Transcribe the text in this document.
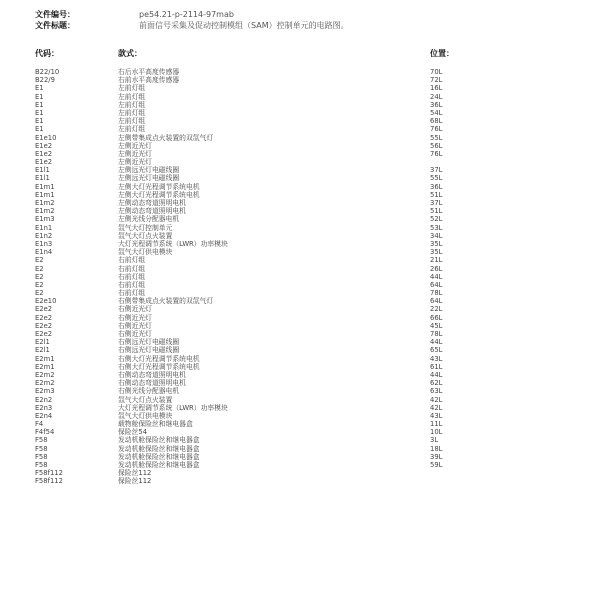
文件编号：	pe54.21-p-2114-97mab
文件标题：	前面信号采集及促动控制模组（SAM）控制单元的电路图。
代码：	款式：	位置：
B22/10	右后水平高度传感器	70L
B22/9	右前水平高度传感器	72L
E1	左前灯组	16L
E1	左前灯组	24L
E1	左前灯组	36L
E1	左前灯组	54L
E1	左前灯组	68L
E1	左前灯组	76L
E1e10	左侧带集成点火装置的双氙气灯	55L
E1e2	左侧近光灯	56L
E1e2	左侧近光灯	76L
E1e2	左侧近光灯
E1l1	左侧远光灯电磁线圈	37L
E1l1	左侧远光灯电磁线圈	55L
E1m1	左侧大灯光程调节系统电机	36L
E1m1	左侧大灯光程调节系统电机	51L
E1m2	左侧动态弯道照明电机	37L
E1m2	左侧动态弯道照明电机	51L
E1m3	左侧光线分配器电机	52L
E1n1	氙气大灯控制单元	53L
E1n2	氙气大灯点火装置	34L
E1n3	大灯光程调节系统（LWR）功率模块	35L
E1n4	氙气大灯供电模块	35L
E2	右前灯组	21L
E2	右前灯组	26L
E2	右前灯组	44L
E2	右前灯组	64L
E2	右前灯组	78L
E2e10	右侧带集成点火装置的双氙气灯	64L
E2e2	右侧近光灯	22L
E2e2	右侧近光灯	66L
E2e2	右侧近光灯	45L
E2e2	右侧近光灯	78L
E2l1	右侧远光灯电磁线圈	44L
E2l1	右侧远光灯电磁线圈	65L
E2m1	右侧大灯光程调节系统电机	43L
E2m1	右侧大灯光程调节系统电机	61L
E2m2	右侧动态弯道照明电机	44L
E2m2	右侧动态弯道照明电机	62L
E2m3	右侧光线分配器电机	63L
E2n2	氙气大灯点火装置	42L
E2n3	大灯光程调节系统（LWR）功率模块	42L
E2n4	氙气大灯供电模块	43L
F4	载物舱保险丝和继电器盒	11L
F4f54	保险丝54	10L
F58	发动机舱保险丝和继电器盒	3L
F58	发动机舱保险丝和继电器盒	18L
F58	发动机舱保险丝和继电器盒	39L
F58	发动机舱保险丝和继电器盒	59L
F58f112	保险丝112
F58f112	保险丝112
